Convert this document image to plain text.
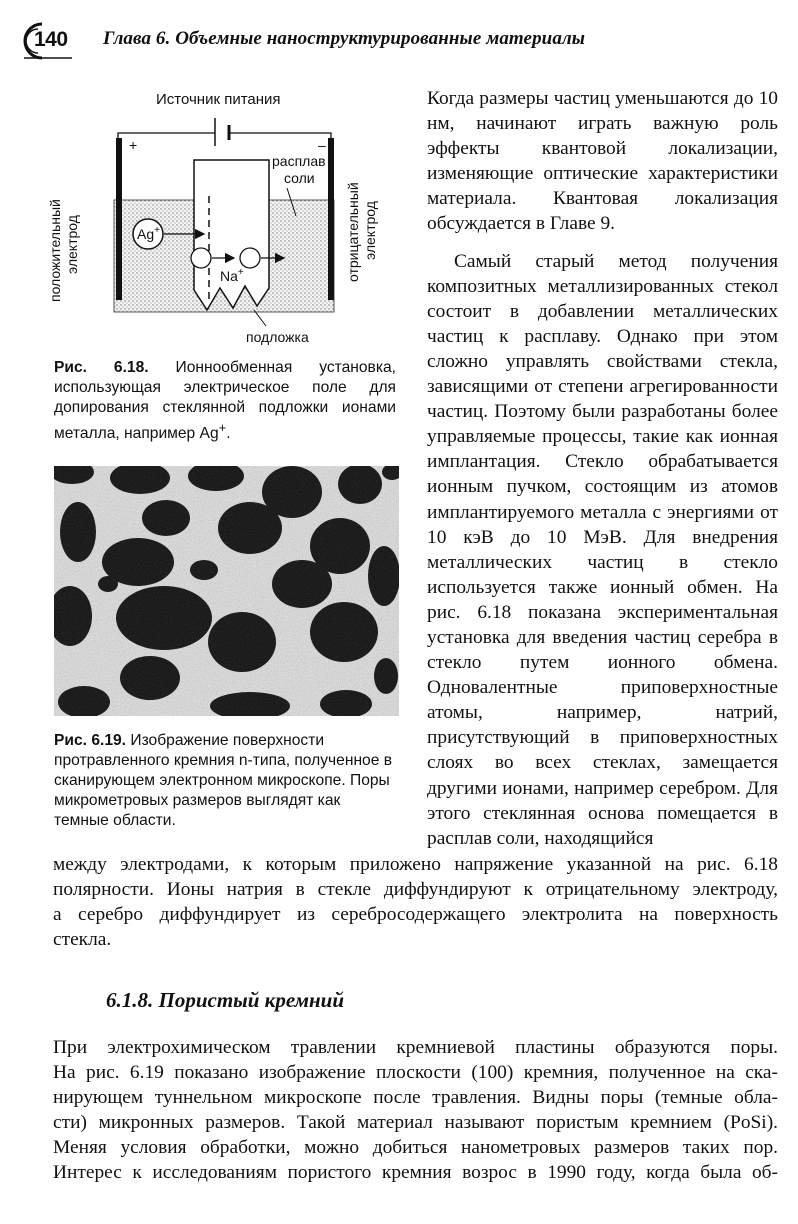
140 Глава 6. Объемные наноструктурированные материалы
Источник питания
+	–
расплав
соли
Ag+
Na+
подложка
положительный электрод	отрицательный электрод
Рис. 6.18. Ионнообменная установка, использующая электрическое поле для допирования стеклянной подложки ионами металла, например Ag+.
Рис. 6.19. Изображение поверхности протравленного кремния n-типа, полученное в сканирующем электронном микроскопе. Поры микрометровых размеров выглядят как темные области.

Когда размеры частиц уменьшаются до 10 нм, начинают играть важную роль эффекты квантовой локализации, изменяющие оптические характеристики материала. Квантовая локализация обсуждается в Главе 9.

Самый старый метод получения композитных металлизированных стекол состоит в добавлении металлических частиц к расплаву. Однако при этом сложно управлять свойствами стекла, зависящими от степени агрегированности частиц. Поэтому были разработаны более управляемые процессы, такие как ионная имплантация. Стекло обрабатывается ионным пучком, состоящим из атомов имплантируемого металла с энергиями от 10 кэВ до 10 МэВ. Для внедрения металлических частиц в стекло используется также ионный обмен. На рис. 6.18 показана экспериментальная установка для введения частиц серебра в стекло путем ионного обмена. Одновалентные приповерхностные атомы, например, натрий, присутствующий в приповерхностных слоях во всех стеклах, замещается другими ионами, например серебром. Для этого стеклянная основа помещается в расплав соли, находящийся

между электродами, к которым приложено напряжение указанной на рис. 6.18
полярности. Ионы натрия в стекле диффундируют к отрицательному электроду,
а серебро диффундирует из серебросодержащего электролита на поверхность
стекла.
6.1.8. Пористый кремний
При электрохимическом травлении кремниевой пластины образуются поры.
На рис. 6.19 показано изображение плоскости (100) кремния, полученное на ска-
нирующем туннельном микроскопе после травления. Видны поры (темные обла-
сти) микронных размеров. Такой материал называют пористым кремнием (PoSi).
Меняя условия обработки, можно добиться нанометровых размеров таких пор.
Интерес к исследованиям пористого кремния возрос в 1990 году, когда была об-
